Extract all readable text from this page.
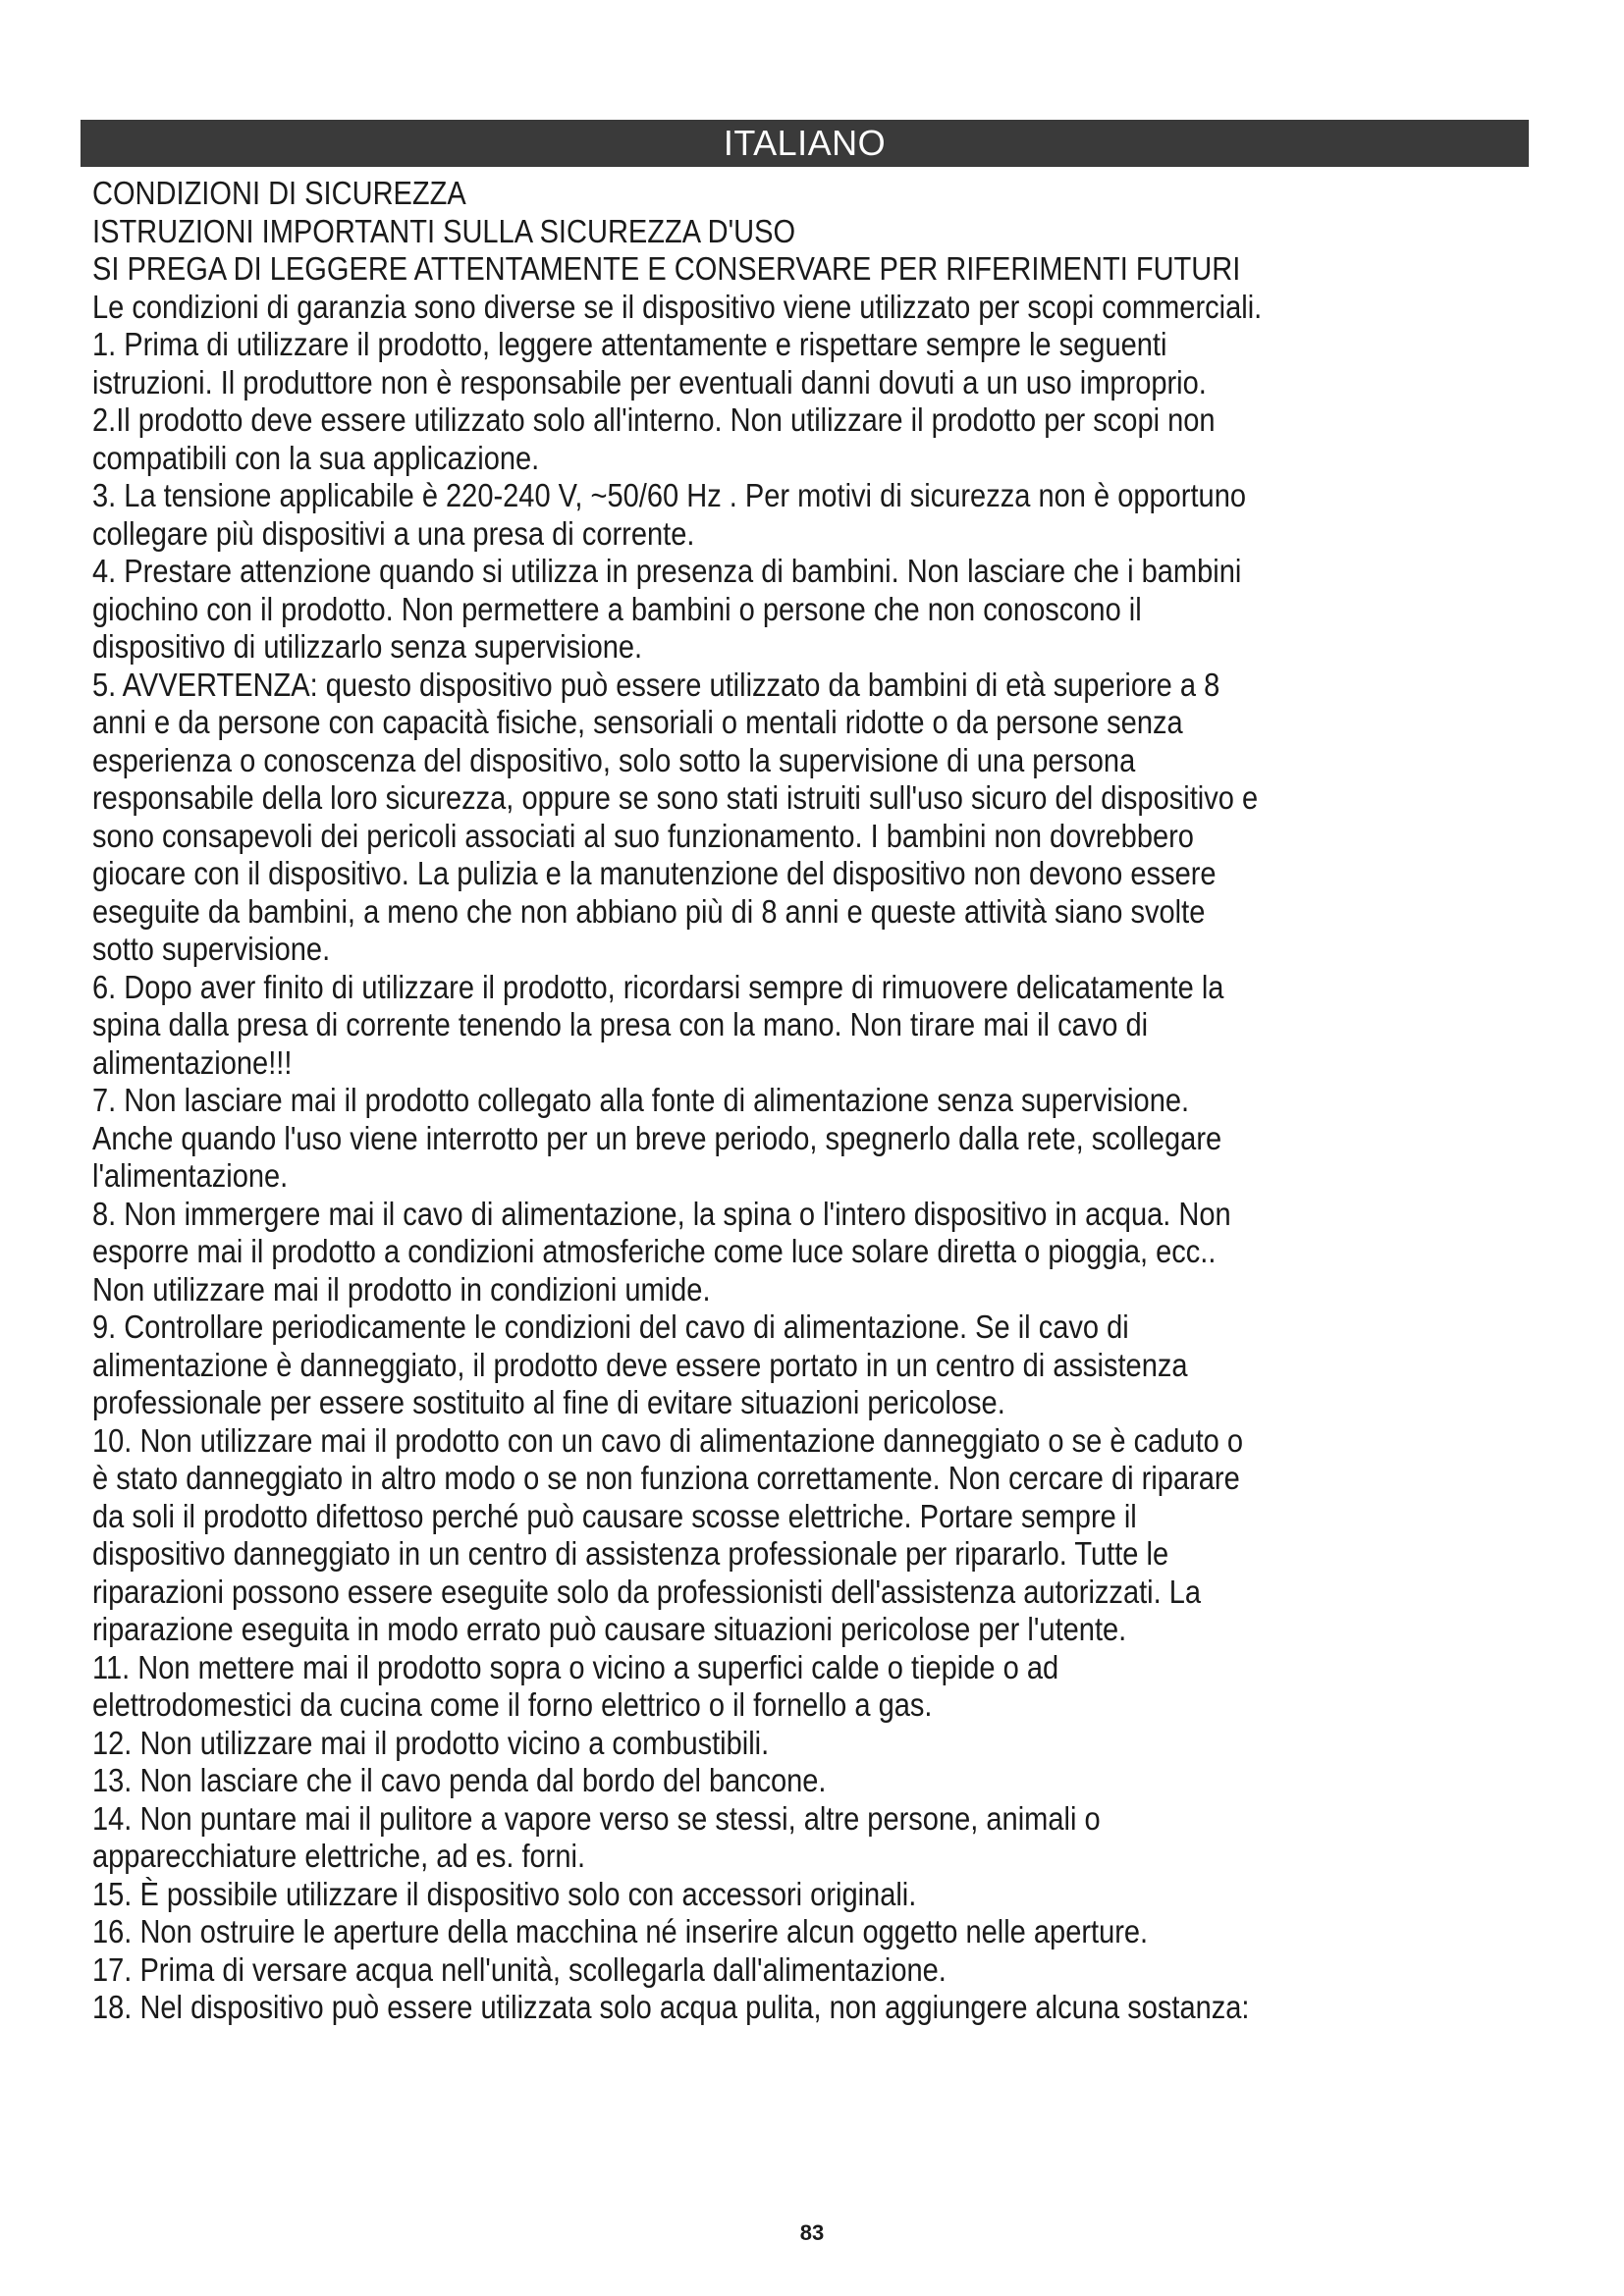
ITALIANO
CONDIZIONI DI SICUREZZA
ISTRUZIONI IMPORTANTI SULLA SICUREZZA D'USO
SI PREGA DI LEGGERE ATTENTAMENTE E CONSERVARE PER RIFERIMENTI FUTURI
Le condizioni di garanzia sono diverse se il dispositivo viene utilizzato per scopi commerciali.
1. Prima di utilizzare il prodotto, leggere attentamente e rispettare sempre le seguenti
istruzioni. Il produttore non è responsabile per eventuali danni dovuti a un uso improprio.
2.Il prodotto deve essere utilizzato solo all'interno. Non utilizzare il prodotto per scopi non
compatibili con la sua applicazione.
3. La tensione applicabile è 220-240 V, ~50/60 Hz . Per motivi di sicurezza non è opportuno
collegare più dispositivi a una presa di corrente.
4. Prestare attenzione quando si utilizza in presenza di bambini. Non lasciare che i bambini
giochino con il prodotto. Non permettere a bambini o persone che non conoscono il
dispositivo di utilizzarlo senza supervisione.
5. AVVERTENZA: questo dispositivo può essere utilizzato da bambini di età superiore a 8
anni e da persone con capacità fisiche, sensoriali o mentali ridotte o da persone senza
esperienza o conoscenza del dispositivo, solo sotto la supervisione di una persona
responsabile della loro sicurezza, oppure se sono stati istruiti sull'uso sicuro del dispositivo e
sono consapevoli dei pericoli associati al suo funzionamento. I bambini non dovrebbero
giocare con il dispositivo. La pulizia e la manutenzione del dispositivo non devono essere
eseguite da bambini, a meno che non abbiano più di 8 anni e queste attività siano svolte
sotto supervisione.
6. Dopo aver finito di utilizzare il prodotto, ricordarsi sempre di rimuovere delicatamente la
spina dalla presa di corrente tenendo la presa con la mano. Non tirare mai il cavo di
alimentazione!!!
7. Non lasciare mai il prodotto collegato alla fonte di alimentazione senza supervisione.
Anche quando l'uso viene interrotto per un breve periodo, spegnerlo dalla rete, scollegare
l'alimentazione.
8. Non immergere mai il cavo di alimentazione, la spina o l'intero dispositivo in acqua. Non
esporre mai il prodotto a condizioni atmosferiche come luce solare diretta o pioggia, ecc..
Non utilizzare mai il prodotto in condizioni umide.
9. Controllare periodicamente le condizioni del cavo di alimentazione. Se il cavo di
alimentazione è danneggiato, il prodotto deve essere portato in un centro di assistenza
professionale per essere sostituito al fine di evitare situazioni pericolose.
10. Non utilizzare mai il prodotto con un cavo di alimentazione danneggiato o se è caduto o
è stato danneggiato in altro modo o se non funziona correttamente. Non cercare di riparare
da soli il prodotto difettoso perché può causare scosse elettriche. Portare sempre il
dispositivo danneggiato in un centro di assistenza professionale per ripararlo. Tutte le
riparazioni possono essere eseguite solo da professionisti dell'assistenza autorizzati. La
riparazione eseguita in modo errato può causare situazioni pericolose per l'utente.
11. Non mettere mai il prodotto sopra o vicino a superfici calde o tiepide o ad
elettrodomestici da cucina come il forno elettrico o il fornello a gas.
12. Non utilizzare mai il prodotto vicino a combustibili.
13. Non lasciare che il cavo penda dal bordo del bancone.
14. Non puntare mai il pulitore a vapore verso se stessi, altre persone, animali o
apparecchiature elettriche, ad es. forni.
15. È possibile utilizzare il dispositivo solo con accessori originali.
16. Non ostruire le aperture della macchina né inserire alcun oggetto nelle aperture.
17. Prima di versare acqua nell'unità, scollegarla dall'alimentazione.
18. Nel dispositivo può essere utilizzata solo acqua pulita, non aggiungere alcuna sostanza:
83
